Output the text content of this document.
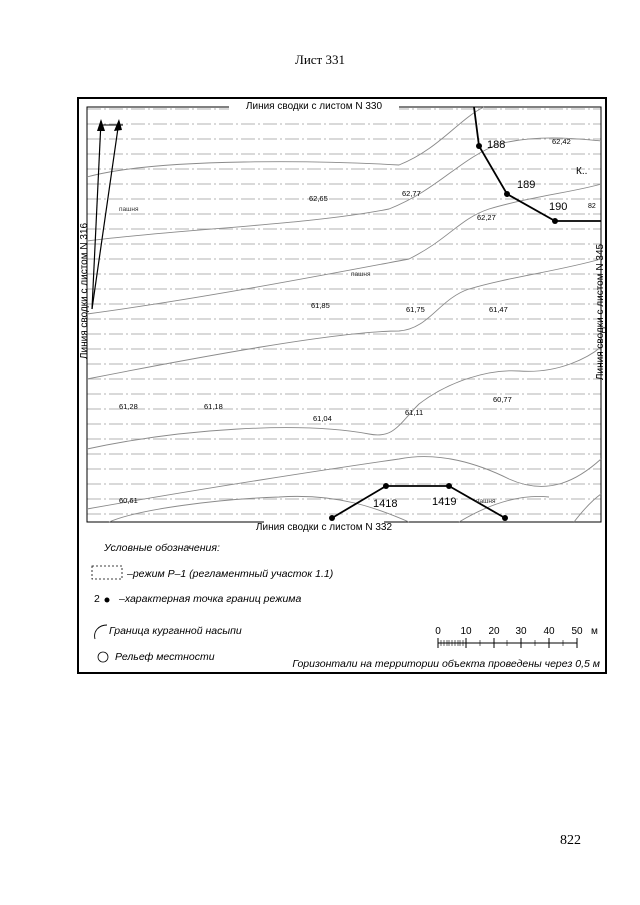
Лист 331
Линия сводки с листом N 330
Линия сводки с листом N 332
Линия сводки с листом N 316	Линия сводки с листом N 345
188
189
190
1418	1419
62,42
62,65
62,77
62,27
61,85	61,75	61,47
61,28	61,18
61,04
61,11
60,77
60,61
пашня
пашня
пашня
К..
82
Условные обозначения:
–режим Р–1 (регламентный участок 1.1)
2 –характерная точка границ режима
Граница курганной насыпи
Рельеф местности
0 10 20 30 40 50 м
Горизонтали на территории объекта проведены через 0,5 м
822
